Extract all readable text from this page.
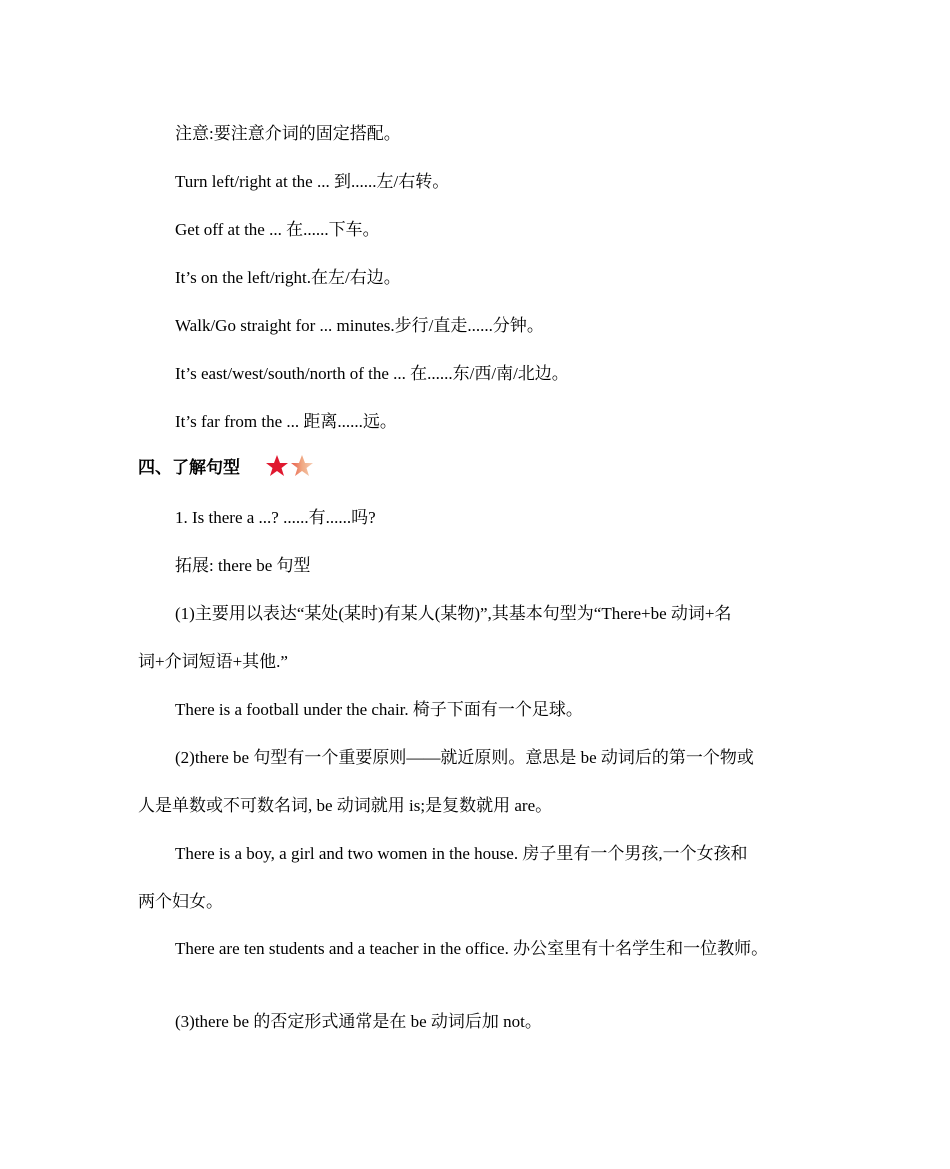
注意:要注意介词的固定搭配。
Turn left/right at the ... 到......左/右转。
Get off at the ... 在......下车。
It’s on the left/right.在左/右边。
Walk/Go straight for ... minutes.步行/直走......分钟。
It’s east/west/south/north of the ... 在......东/西/南/北边。
It’s far from the ... 距离......远。
四、了解句型
1. Is there a ...? ......有......吗?
拓展: there be 句型
(1)主要用以表达“某处(某时)有某人(某物)”,其基本句型为“There+be 动词+名
词+介词短语+其他.”
There is a football under the chair. 椅子下面有一个足球。
(2)there be 句型有一个重要原则——就近原则。意思是 be 动词后的第一个物或
人是单数或不可数名词, be 动词就用 is;是复数就用 are。
There is a boy, a girl and two women in the house. 房子里有一个男孩,一个女孩和
两个妇女。
There are ten students and a teacher in the office. 办公室里有十名学生和一位教师。
(3)there be 的否定形式通常是在 be 动词后加 not。
